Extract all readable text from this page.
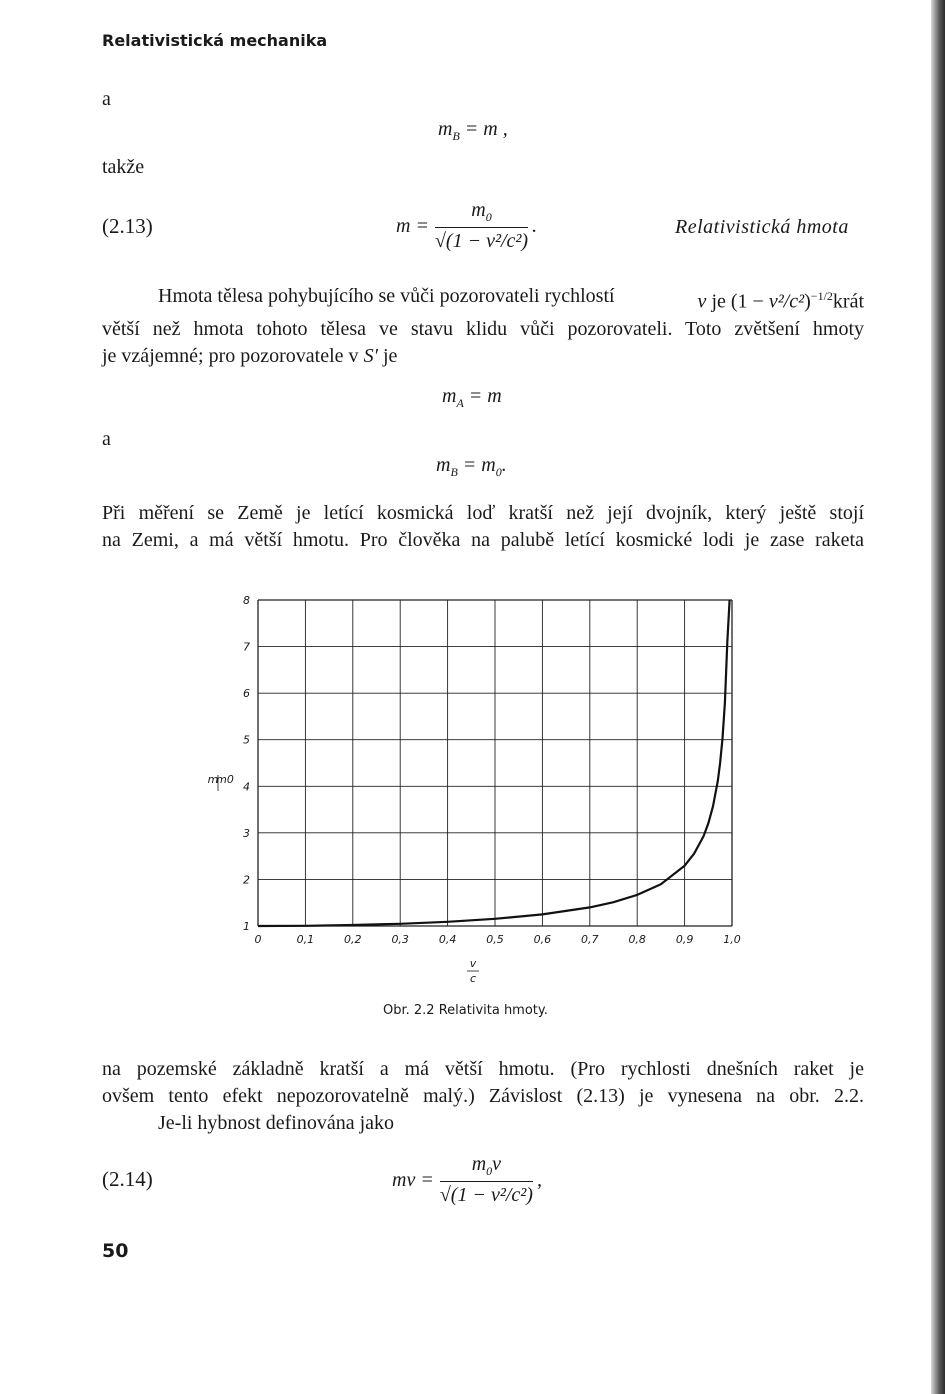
Relativistická mechanika
a
$m_B = m$ ,
takže
(2.13)	$m = \frac{m_0}{\text{√(1 − v²/c²)}}$ .	Relativistická hmota
Hmota tělesa pohybujícího se vůči pozorovateli rychlostí	v je $(1 - v^2/c^2)^{-1/2}krát$
větší než hmota tohoto tělesa ve stavu klidu vůči pozorovateli. Toto zvětšení hmoty
je vzájemné; pro pozorovatele v S′ je
$m_A = m$
a
$m_B = m_0$.
Při měření se Země je letící kosmická loď kratší než její dvojník, který ještě stojí
na Zemi, a má větší hmotu. Pro člověka na palubě letící kosmické lodi je zase raketa
1
2
3
4
5
6
7
8
0	0,1	0,2	0,3	0,4	0,5	0,6	0,7	0,8	0,9	1,0
m
m0
v
c
Obr. 2.2 Relativita hmoty.
na pozemské základně kratší a má větší hmotu. (Pro rychlosti dnešních raket je
ovšem tento efekt nepozorovatelně malý.) Závislost (2.13) je vynesena na obr. 2.2.
Je-li hybnost definována jako
(2.14)	mv = $\frac{m_0v}{\text{√(1 − v²/c²)}}$ ,
50
